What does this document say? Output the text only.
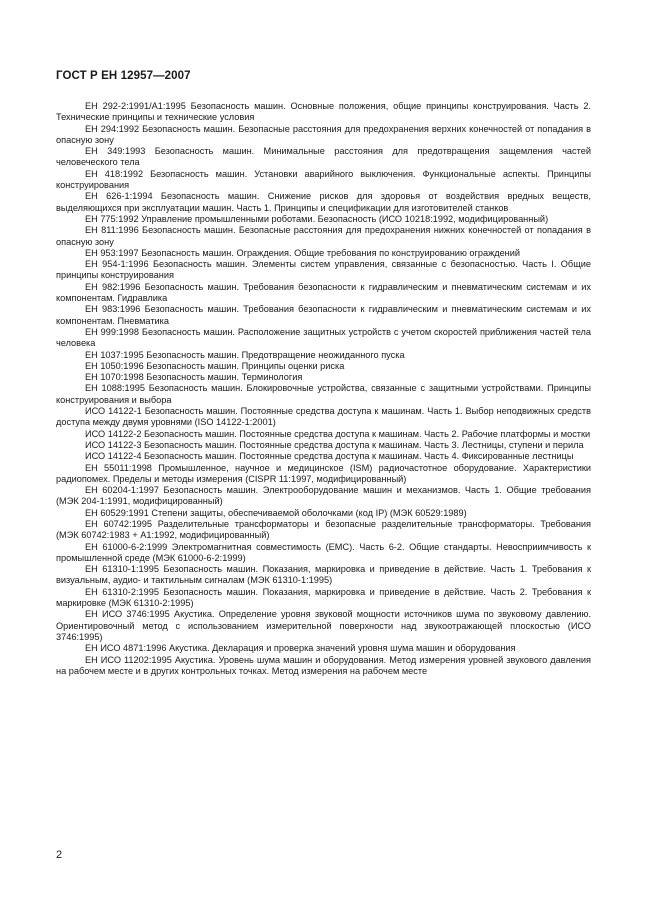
ГОСТ Р ЕН 12957—2007

ЕН 292-2:1991/А1:1995 Безопасность машин. Основные положения, общие принципы конструирования. Часть 2. Технические принципы и технические условия

ЕН 294:1992 Безопасность машин. Безопасные расстояния для предохранения верхних конечностей от попадания в опасную зону

ЕН 349:1993 Безопасность машин. Минимальные расстояния для предотвращения защемления частей человеческого тела

ЕН 418:1992 Безопасность машин. Установки аварийного выключения. Функциональные аспекты. Принципы конструирования

ЕН 626-1:1994 Безопасность машин. Снижение рисков для здоровья от воздействия вредных веществ, выделяющихся при эксплуатации машин. Часть 1. Принципы и спецификации для изготовителей станков

ЕН 775:1992 Управление промышленными роботами. Безопасность (ИСО 10218:1992, модифицированный)

ЕН 811:1996 Безопасность машин. Безопасные расстояния для предохранения нижних конечностей от попадания в опасную зону

ЕН 953:1997 Безопасность машин. Ограждения. Общие требования по конструированию ограждений

ЕН 954-1:1996 Безопасность машин. Элементы систем управления, связанные с безопасностью. Часть I. Общие принципы конструирования

ЕН 982:1996 Безопасность машин. Требования безопасности к гидравлическим и пневматическим системам и их компонентам. Гидравлика

ЕН 983:1996 Безопасность машин. Требования безопасности к гидравлическим и пневматическим системам и их компонентам. Пневматика

ЕН 999:1998 Безопасность машин. Расположение защитных устройств с учетом скоростей приближения частей тела человека

ЕН 1037:1995 Безопасность машин. Предотвращение неожиданного пуска

ЕН 1050:1996 Безопасность машин. Принципы оценки риска

ЕН 1070:1998 Безопасность машин. Терминология

ЕН 1088:1995 Безопасность машин. Блокировочные устройства, связанные с защитными устройствами. Принципы конструирования и выбора

ИСО 14122-1 Безопасность машин. Постоянные средства доступа к машинам. Часть 1. Выбор неподвижных средств доступа между двумя уровнями (ISO 14122-1:2001)

ИСО 14122-2 Безопасность машин. Постоянные средства доступа к машинам. Часть 2. Рабочие платформы и мостки

ИСО 14122-3 Безопасность машин. Постоянные средства доступа к машинам. Часть 3. Лестницы, ступени и перила

ИСО 14122-4 Безопасность машин. Постоянные средства доступа к машинам. Часть 4. Фиксированные лестницы

ЕН 55011:1998 Промышленное, научное и медицинское (ISM) радиочастотное оборудование. Характеристики радиопомех. Пределы и методы измерения (CISPR 11:1997, модифицированный)

ЕН 60204-1:1997 Безопасность машин. Электрооборудование машин и механизмов. Часть 1. Общие требования (МЭК 204-1:1991, модифицированный)

ЕН 60529:1991 Степени защиты, обеспечиваемой оболочками (код IP) (МЭК 60529:1989)

ЕН 60742:1995 Разделительные трансформаторы и безопасные разделительные трансформаторы. Требования (МЭК 60742:1983 + А1:1992, модифицированный)

ЕН 61000-6-2:1999 Электромагнитная совместимость (ЕМС). Часть 6-2. Общие стандарты. Невосприимчивость к промышленной среде (МЭК 61000-6-2:1999)

ЕН 61310-1:1995 Безопасность машин. Показания, маркировка и приведение в действие. Часть 1. Требования к визуальным, аудио- и тактильным сигналам (МЭК 61310-1:1995)

ЕН 61310-2:1995 Безопасность машин. Показания, маркировка и приведение в действие. Часть 2. Требования к маркировке (МЭК 61310-2:1995)

ЕН ИСО 3746:1995 Акустика. Определение уровня звуковой мощности источников шума по звуковому давлению. Ориентировочный метод с использованием измерительной поверхности над звукоотражающей плоскостью (ИСО 3746:1995)

ЕН ИСО 4871:1996 Акустика. Декларация и проверка значений уровня шума машин и оборудования

ЕН ИСО 11202:1995 Акустика. Уровень шума машин и оборудования. Метод измерения уровней звукового давления на рабочем месте и в других контрольных точках. Метод измерения на рабочем месте

2
